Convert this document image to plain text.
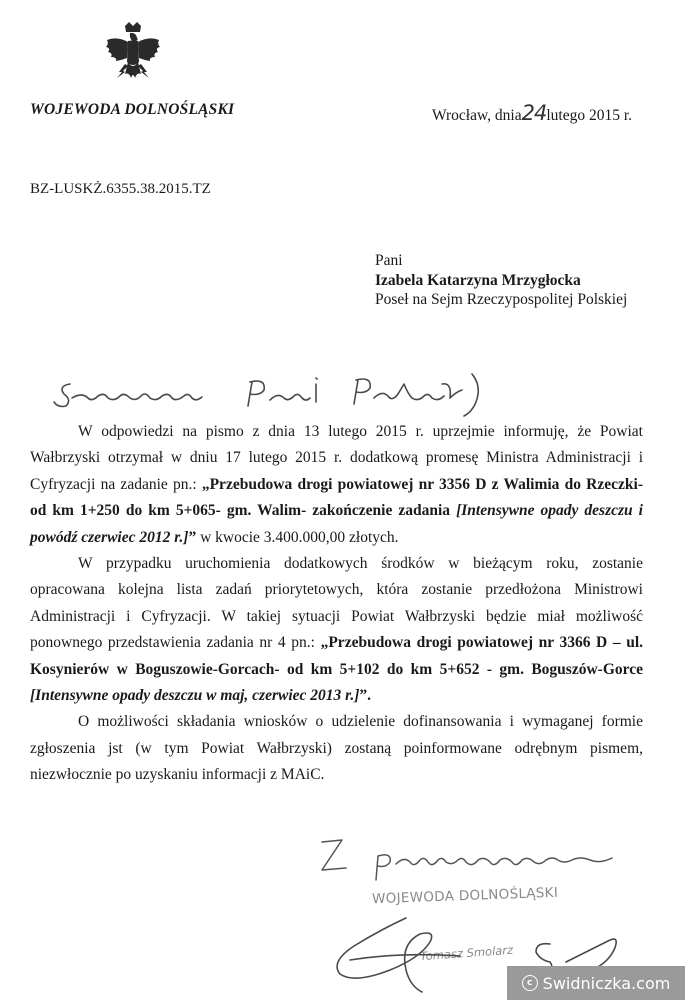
WOJEWODA DOLNOŚLĄSKI	Wrocław, dnia24lutego 2015 r.
BZ-LUSKŻ.6355.38.2015.TZ
Pani
Izabela Katarzyna Mrzygłocka
Poseł na Sejm Rzeczypospolitej Polskiej
Szanowna Pani Poseł,

W odpowiedzi na pismo z dnia 13 lutego 2015 r. uprzejmie informuję, że Powiat Wałbrzyski otrzymał w dniu 17 lutego 2015 r. dodatkową promesę Ministra Administracji i Cyfryzacji na zadanie pn.: „Przebudowa drogi powiatowej nr 3356 D z Walimia do Rzeczki- od km 1+250 do km 5+065- gm. Walim- zakończenie zadania [Intensywne opady deszczu i powódź czerwiec 2012 r.]” w kwocie 3.400.000,00 złotych.

W przypadku uruchomienia dodatkowych środków w bieżącym roku, zostanie opracowana kolejna lista zadań priorytetowych, która zostanie przedłożona Ministrowi Administracji i Cyfryzacji. W takiej sytuacji Powiat Wałbrzyski będzie miał możliwość ponownego przedstawienia zadania nr 4 pn.: „Przebudowa drogi powiatowej nr 3366 D – ul. Kosynierów w Boguszowie-Gorcach- od km 5+102 do km 5+652 - gm. Boguszów-Gorce [Intensywne opady deszczu w maj, czerwiec 2013 r.]”.

O możliwości składania wniosków o udzielenie dofinansowania i wymaganej formie zgłoszenia jst (w tym Powiat Wałbrzyski) zostaną poinformowane odrębnym pismem, niezwłocznie po uzyskaniu informacji z MAiC.

Z poważaniem
WOJEWODA DOLNOŚLĄSKI
Tomasz Smolarz
c Swidniczka.com
